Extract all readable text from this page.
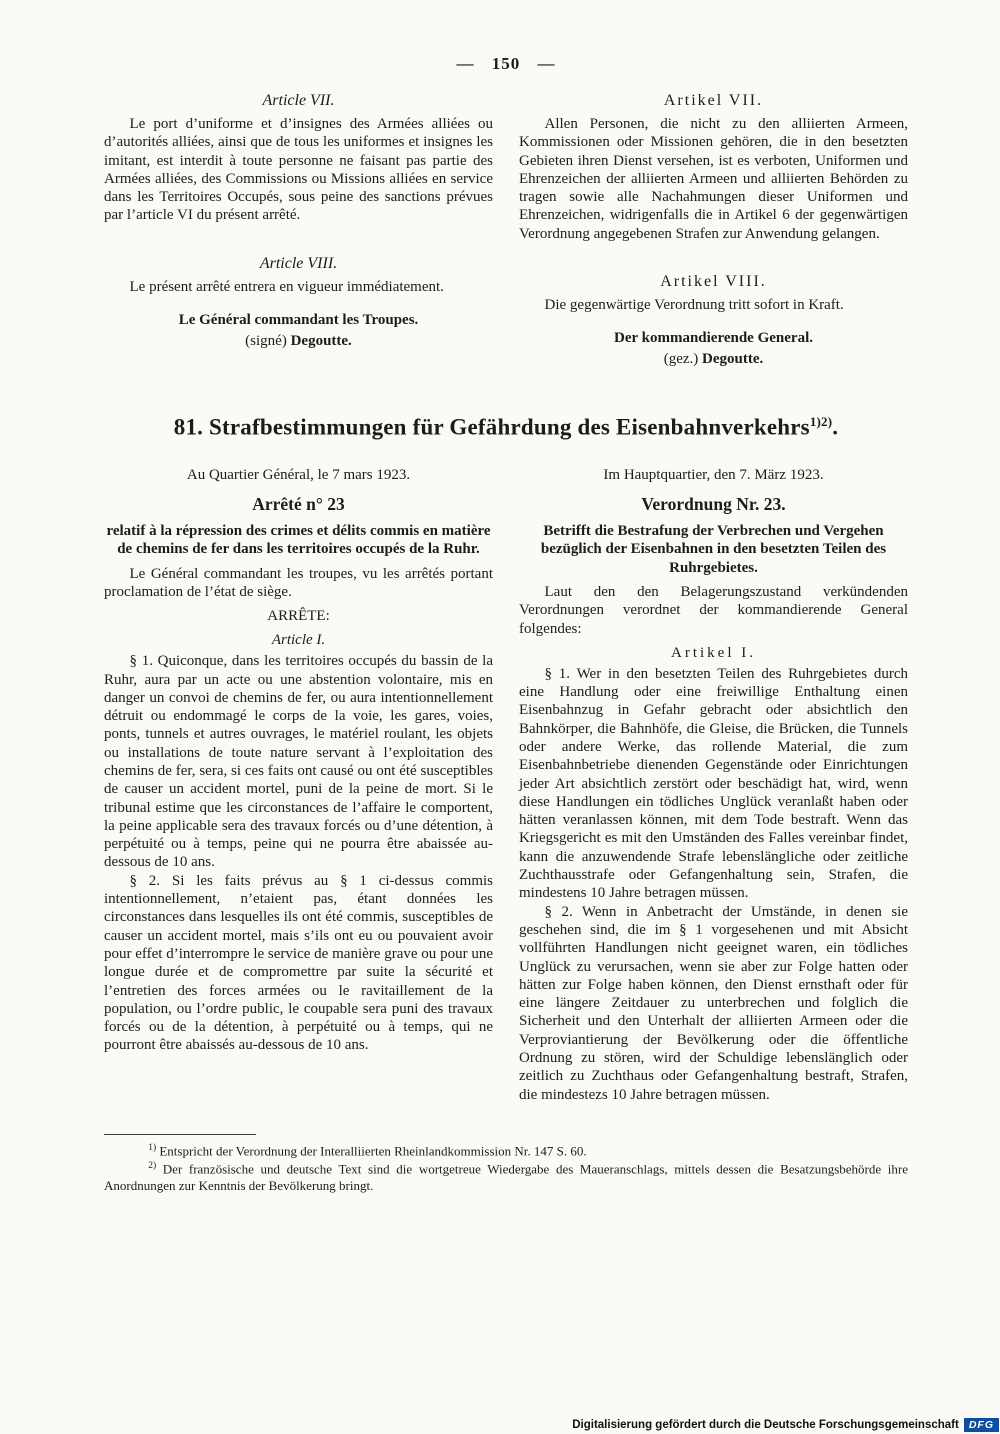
— 150 —
Article VII.

Le port d’uniforme et d’insignes des Armées alliées ou d’autorités alliées, ainsi que de tous les uniformes et insignes les imitant, est interdit à toute personne ne faisant pas partie des Armées alliées, des Commissions ou Missions alliées en service dans les Territoires Occupés, sous peine des sanctions prévues par l’article VI du présent arrêté.

Article VIII.

Le présent arrêté entrera en vigueur immédiatement.

Le Général commandant les Troupes.

(signé) Degoutte.

Artikel VII.

Allen Personen, die nicht zu den alliierten Armeen, Kommissionen oder Missionen gehören, die in den besetzten Gebieten ihren Dienst versehen, ist es verboten, Uniformen und Ehrenzeichen der alliierten Armeen und alliierten Behörden zu tragen sowie alle Nachahmungen dieser Uniformen und Ehrenzeichen, widrigenfalls die in Artikel 6 der gegenwärtigen Verordnung angegebenen Strafen zur Anwendung gelangen.

Artikel VIII.

Die gegenwärtige Verordnung tritt sofort in Kraft.

Der kommandierende General.

(gez.) Degoutte.

81. Strafbestimmungen für Gefährdung des Eisenbahnverkehrs$^{1)2)}$.

Au Quartier Général, le 7 mars 1923.

Arrêté n° 23

relatif à la répression des crimes et délits commis en matière de chemins de fer dans les territoires occupés de la Ruhr.

Le Général commandant les troupes, vu les arrêtés portant proclamation de l’état de siège.

ARRÊTE:

Article I.

§ 1. Quiconque, dans les territoires occupés du bassin de la Ruhr, aura par un acte ou une abstention volontaire, mis en danger un convoi de chemins de fer, ou aura intentionnellement détruit ou endommagé le corps de la voie, les gares, voies, ponts, tunnels et autres ouvrages, le matériel roulant, les objets ou installations de toute nature servant à l’exploitation des chemins de fer, sera, si ces faits ont causé ou ont été susceptibles de causer un accident mortel, puni de la peine de mort. Si le tribunal estime que les circonstances de l’affaire le comportent, la peine applicable sera des travaux forcés ou d’une détention, à perpétuité ou à temps, peine qui ne pourra être abaissée au-dessous de 10 ans.

§ 2. Si les faits prévus au § 1 ci-dessus commis intentionnellement, n’etaient pas, étant données les circonstances dans lesquelles ils ont été commis, susceptibles de causer un accident mortel, mais s’ils ont eu ou pouvaient avoir pour effet d’interrompre le service de manière grave ou pour une longue durée et de compromettre par suite la sécurité et l’entretien des forces armées ou le ravitaillement de la population, ou l’ordre public, le coupable sera puni des travaux forcés ou de la détention, à perpétuité ou à temps, qui ne pourront être abaissés au-dessous de 10 ans.

Im Hauptquartier, den 7. März 1923.

Verordnung Nr. 23.

Betrifft die Bestrafung der Verbrechen und Vergehen bezüglich der Eisenbahnen in den besetzten Teilen des Ruhrgebietes.

Laut den den Belagerungszustand verkündenden Verordnungen verordnet der kommandierende General folgendes:

Artikel I.

§ 1. Wer in den besetzten Teilen des Ruhrgebietes durch eine Handlung oder eine freiwillige Enthaltung einen Eisenbahnzug in Gefahr gebracht oder absichtlich den Bahnkörper, die Bahnhöfe, die Gleise, die Brücken, die Tunnels oder andere Werke, das rollende Material, die zum Eisenbahnbetriebe dienenden Gegenstände oder Einrichtungen jeder Art absichtlich zerstört oder beschädigt hat, wird, wenn diese Handlungen ein tödliches Unglück veranlaßt haben oder hätten veranlassen können, mit dem Tode bestraft. Wenn das Kriegsgericht es mit den Umständen des Falles vereinbar findet, kann die anzuwendende Strafe lebenslängliche oder zeitliche Zuchthausstrafe oder Gefangenhaltung sein, Strafen, die mindestens 10 Jahre betragen müssen.

§ 2. Wenn in Anbetracht der Umstände, in denen sie geschehen sind, die im § 1 vorgesehenen und mit Absicht vollführten Handlungen nicht geeignet waren, ein tödliches Unglück zu verursachen, wenn sie aber zur Folge hatten oder hätten zur Folge haben können, den Dienst ernsthaft oder für eine längere Zeitdauer zu unterbrechen und folglich die Sicherheit und den Unterhalt der alliierten Armeen oder die Verproviantierung der Bevölkerung oder die öffentliche Ordnung zu stören, wird der Schuldige lebenslänglich oder zeitlich zu Zuchthaus oder Gefangenhaltung bestraft, Strafen, die mindestezs 10 Jahre betragen müssen.

$^{1)}$ Entspricht der Verordnung der Interalliierten Rheinlandkommission Nr. 147 S. 60.

$^{2)}$ Der französische und deutsche Text sind die wortgetreue Wiedergabe des Maueranschlags, mittels dessen die Besatzungsbehörde ihre Anordnungen zur Kenntnis der Bevölkerung bringt.

Digitalisierung gefördert durch die Deutsche Forschungsgemeinschaft DFG
